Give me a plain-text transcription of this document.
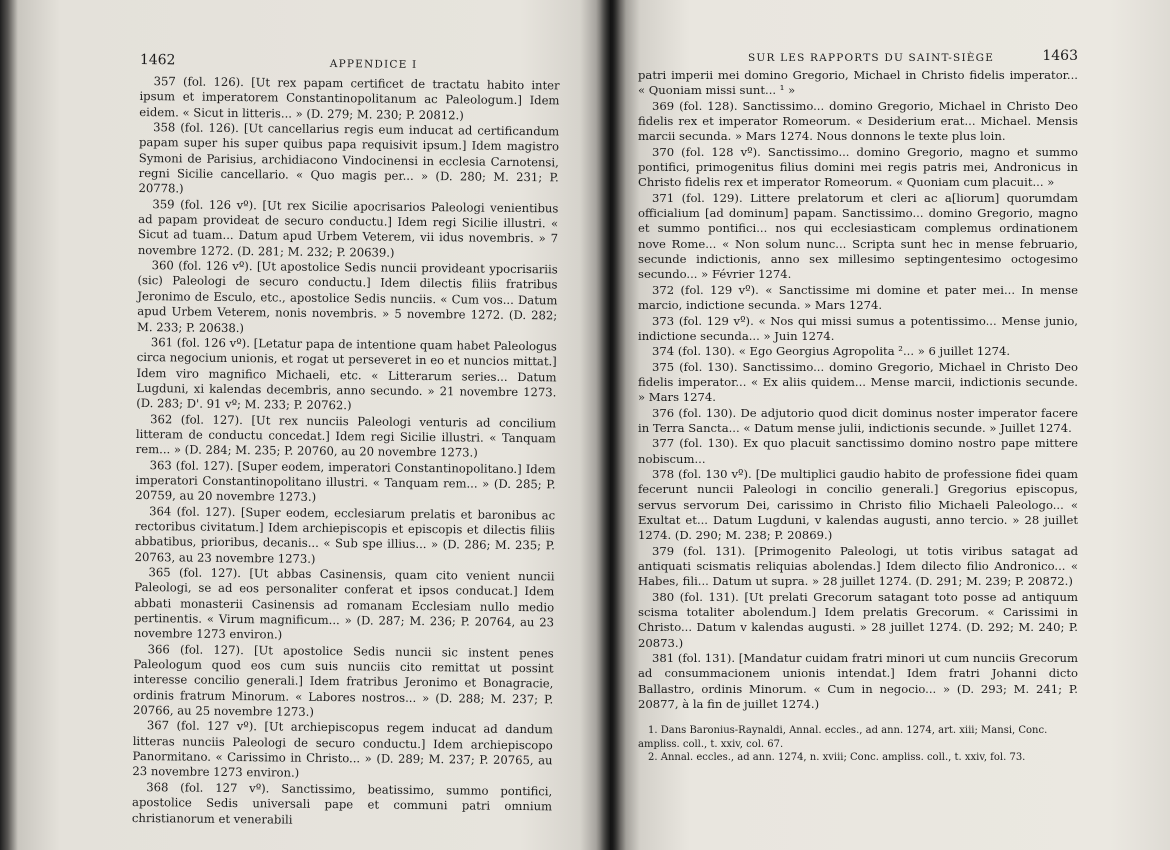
1462	APPENDICE I

357 (fol. 126). [Ut rex papam certificet de tractatu habito inter ipsum et imperatorem Constantinopolitanum ac Paleologum.] Idem eidem. « Sicut in litteris... » (D. 279; M. 230; P. 20812.)

358 (fol. 126). [Ut cancellarius regis eum inducat ad certificandum papam super his super quibus papa requisivit ipsum.] Idem magistro Symoni de Parisius, archidiacono Vindocinensi in ecclesia Carnotensi, regni Sicilie cancellario. « Quo magis per... » (D. 280; M. 231; P. 20778.)

359 (fol. 126 vº). [Ut rex Sicilie apocrisarios Paleologi venientibus ad papam provideat de securo conductu.] Idem regi Sicilie illustri. « Sicut ad tuam... Datum apud Urbem Veterem, vii idus novembris. » 7 novembre 1272. (D. 281; M. 232; P. 20639.)

360 (fol. 126 vº). [Ut apostolice Sedis nuncii provideant ypocrisariis (sic) Paleologi de securo conductu.] Idem dilectis filiis fratribus Jeronimo de Esculo, etc., apostolice Sedis nunciis. « Cum vos... Datum apud Urbem Veterem, nonis novembris. » 5 novembre 1272. (D. 282; M. 233; P. 20638.)

361 (fol. 126 vº). [Letatur papa de intentione quam habet Paleologus circa negocium unionis, et rogat ut perseveret in eo et nuncios mittat.] Idem viro magnifico Michaeli, etc. « Litterarum series... Datum Lugduni, xi kalendas decembris, anno secundo. » 21 novembre 1273. (D. 283; D'. 91 vº; M. 233; P. 20762.)

362 (fol. 127). [Ut rex nunciis Paleologi venturis ad concilium litteram de conductu concedat.] Idem regi Sicilie illustri. « Tanquam rem... » (D. 284; M. 235; P. 20760, au 20 novembre 1273.)

363 (fol. 127). [Super eodem, imperatori Constantinopolitano.] Idem imperatori Constantinopolitano illustri. « Tanquam rem... » (D. 285; P. 20759, au 20 novembre 1273.)

364 (fol. 127). [Super eodem, ecclesiarum prelatis et baronibus ac rectoribus civitatum.] Idem archiepiscopis et episcopis et dilectis filiis abbatibus, prioribus, decanis... « Sub spe illius... » (D. 286; M. 235; P. 20763, au 23 novembre 1273.)

365 (fol. 127). [Ut abbas Casinensis, quam cito venient nuncii Paleologi, se ad eos personaliter conferat et ipsos conducat.] Idem abbati monasterii Casinensis ad romanam Ecclesiam nullo medio pertinentis. « Virum magnificum... » (D. 287; M. 236; P. 20764, au 23 novembre 1273 environ.)

366 (fol. 127). [Ut apostolice Sedis nuncii sic instent penes Paleologum quod eos cum suis nunciis cito remittat ut possint interesse concilio generali.] Idem fratribus Jeronimo et Bonagracie, ordinis fratrum Minorum. « Labores nostros... » (D. 288; M. 237; P. 20766, au 25 novembre 1273.)

367 (fol. 127 vº). [Ut archiepiscopus regem inducat ad dandum litteras nunciis Paleologi de securo conductu.] Idem archiepiscopo Panormitano. « Carissimo in Christo... » (D. 289; M. 237; P. 20765, au 23 novembre 1273 environ.)

368 (fol. 127 vº). Sanctissimo, beatissimo, summo pontifici, apostolice Sedis universali pape et communi patri omnium christianorum et venerabili

SUR LES RAPPORTS DU SAINT-SIÈGE	1463

patri imperii mei domino Gregorio, Michael in Christo fidelis imperator... « Quoniam missi sunt... ¹ »

369 (fol. 128). Sanctissimo... domino Gregorio, Michael in Christo Deo fidelis rex et imperator Romeorum. « Desiderium erat... Michael. Mensis marcii secunda. » Mars 1274. Nous donnons le texte plus loin.

370 (fol. 128 vº). Sanctissimo... domino Gregorio, magno et summo pontifici, primogenitus filius domini mei regis patris mei, Andronicus in Christo fidelis rex et imperator Romeorum. « Quoniam cum placuit... »

371 (fol. 129). Littere prelatorum et cleri ac a[liorum] quorumdam officialium [ad dominum] papam. Sanctissimo... domino Gregorio, magno et summo pontifici... nos qui ecclesiasticam complemus ordinationem nove Rome... « Non solum nunc... Scripta sunt hec in mense februario, secunde indictionis, anno sex millesimo septingentesimo octogesimo secundo... » Février 1274.

372 (fol. 129 vº). « Sanctissime mi domine et pater mei... In mense marcio, indictione secunda. » Mars 1274.

373 (fol. 129 vº). « Nos qui missi sumus a potentissimo... Mense junio, indictione secunda... » Juin 1274.

374 (fol. 130). « Ego Georgius Agropolita ²... » 6 juillet 1274.

375 (fol. 130). Sanctissimo... domino Gregorio, Michael in Christo Deo fidelis imperator... « Ex aliis quidem... Mense marcii, indictionis secunde. » Mars 1274.

376 (fol. 130). De adjutorio quod dicit dominus noster imperator facere in Terra Sancta... « Datum mense julii, indictionis secunde. » Juillet 1274.

377 (fol. 130). Ex quo placuit sanctissimo domino nostro pape mittere nobiscum...

378 (fol. 130 vº). [De multiplici gaudio habito de professione fidei quam fecerunt nuncii Paleologi in concilio generali.] Gregorius episcopus, servus servorum Dei, carissimo in Christo filio Michaeli Paleologo... « Exultat et... Datum Lugduni, v kalendas augusti, anno tercio. » 28 juillet 1274. (D. 290; M. 238; P. 20869.)

379 (fol. 131). [Primogenito Paleologi, ut totis viribus satagat ad antiquati scismatis reliquias abolendas.] Idem dilecto filio Andronico... « Habes, fili... Datum ut supra. » 28 juillet 1274. (D. 291; M. 239; P. 20872.)

380 (fol. 131). [Ut prelati Grecorum satagant toto posse ad antiquum scisma totaliter abolendum.] Idem prelatis Grecorum. « Carissimi in Christo... Datum v kalendas augusti. » 28 juillet 1274. (D. 292; M. 240; P. 20873.)

381 (fol. 131). [Mandatur cuidam fratri minori ut cum nunciis Grecorum ad consummacionem unionis intendat.] Idem fratri Johanni dicto Ballastro, ordinis Minorum. « Cum in negocio... » (D. 293; M. 241; P. 20877, à la fin de juillet 1274.)

1. Dans Baronius-Raynaldi, Annal. eccles., ad ann. 1274, art. xiii; Mansi, Conc. ampliss. coll., t. xxiv, col. 67.

2. Annal. eccles., ad ann. 1274, n. xviii; Conc. ampliss. coll., t. xxiv, fol. 73.
